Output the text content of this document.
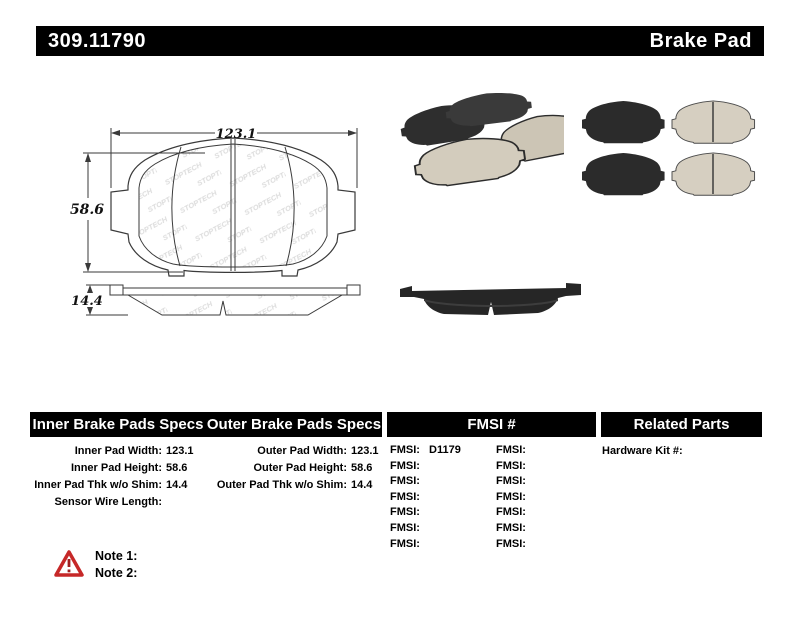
309.11790	Brake Pad
123.1
58.6
14.4
Inner Brake Pads Specs Outer Brake Pads Specs	FMSI #	Related Parts
Inner Pad Width: 123.1
Inner Pad Height: 58.6
Inner Pad Thk w/o Shim: 14.4
Sensor Wire Length:
Outer Pad Width: 123.1
Outer Pad Height: 58.6
Outer Pad Thk w/o Shim: 14.4
FMSI: D1179
FMSI:
FMSI:
FMSI:
FMSI:
FMSI:
FMSI:
FMSI:
FMSI:
FMSI:
FMSI:
FMSI:
FMSI:
FMSI:
Hardware Kit #:
Note 1:
Note 2:
